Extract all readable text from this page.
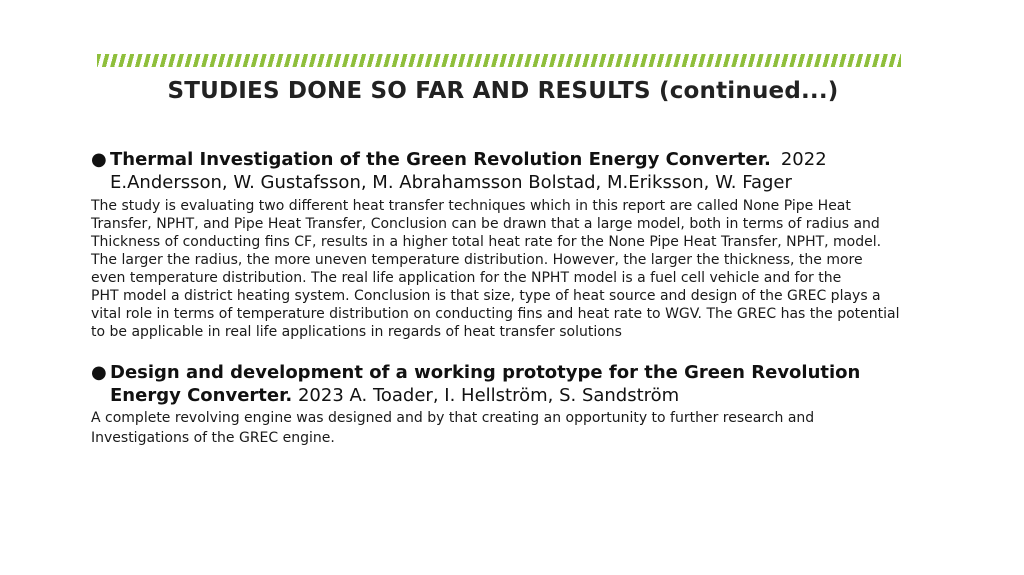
STUDIES DONE SO FAR AND RESULTS (continued...)
● Thermal Investigation of the Green Revolution Energy Converter. 2022
E.Andersson, W. Gustafsson, M. Abrahamsson Bolstad, M.Eriksson, W. Fager
The study is evaluating two different heat transfer techniques which in this report are called None Pipe Heat
Transfer, NPHT, and Pipe Heat Transfer, Conclusion can be drawn that a large model, both in terms of radius and
Thickness of conducting fins CF, results in a higher total heat rate for the None Pipe Heat Transfer, NPHT, model.
The larger the radius, the more uneven temperature distribution. However, the larger the thickness, the more
even temperature distribution. The real life application for the NPHT model is a fuel cell vehicle and for the
PHT model a district heating system. Conclusion is that size, type of heat source and design of the GREC plays a
vital role in terms of temperature distribution on conducting fins and heat rate to WGV. The GREC has the potential
to be applicable in real life applications in regards of heat transfer solutions
● Design and development of a working prototype for the Green Revolution
Energy Converter. 2023 A. Toader, I. Hellström, S. Sandström
A complete revolving engine was designed and by that creating an opportunity to further research and
Investigations of the GREC engine.
